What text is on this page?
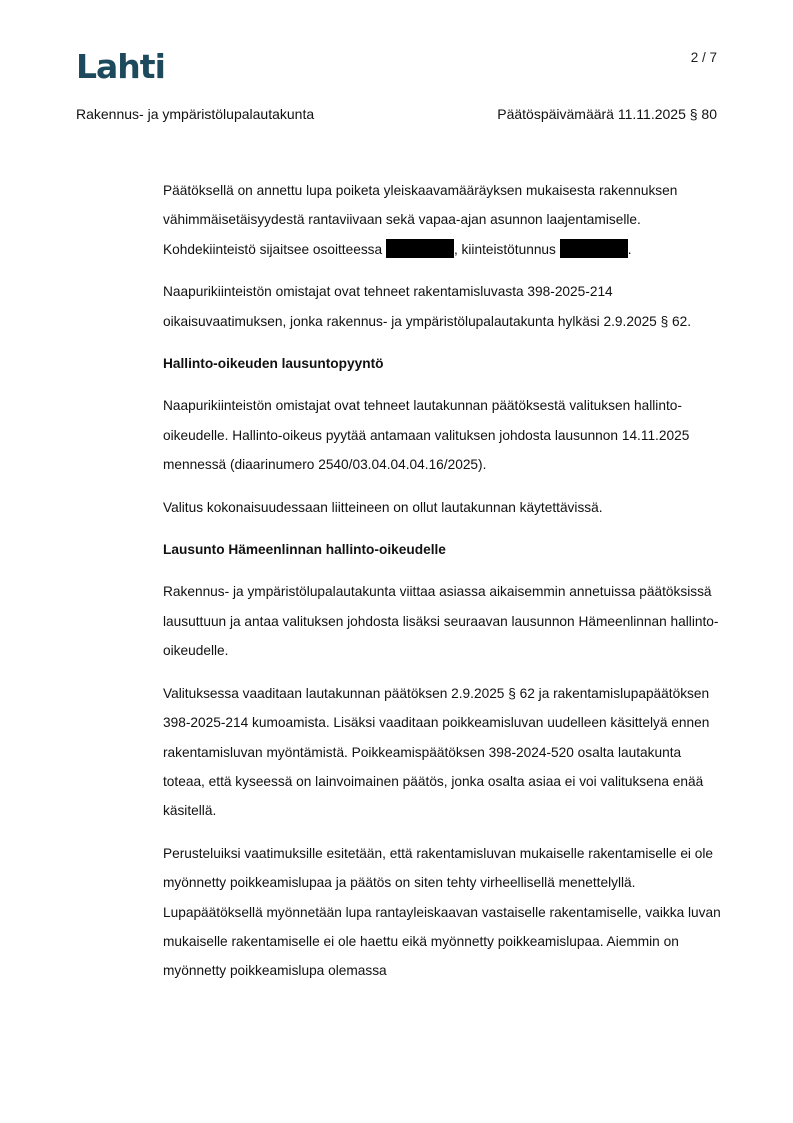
Lahti	2 / 7
Rakennus- ja ympäristölupalautakunta	Päätöspäivämäärä 11.11.2025 § 80

Päätöksellä on annettu lupa poiketa yleiskaavamääräyksen mukaisesta rakennuksen vähimmäisetäisyydestä rantaviivaan sekä vapaa-ajan asunnon laajentamiselle. Kohdekiinteistö sijaitsee osoitteessa	, kiinteistötunnus	.

Naapurikiinteistön omistajat ovat tehneet rakentamisluvasta 398-2025-214 oikaisuvaatimuksen, jonka rakennus- ja ympäristölupalautakunta hylkäsi 2.9.2025 § 62.

Hallinto-oikeuden lausuntopyyntö

Naapurikiinteistön omistajat ovat tehneet lautakunnan päätöksestä valituksen hallinto-oikeudelle. Hallinto-oikeus pyytää antamaan valituksen johdosta lausunnon 14.11.2025 mennessä (diaarinumero 2540/03.04.04.04.16/2025).

Valitus kokonaisuudessaan liitteineen on ollut lautakunnan käytettävissä.

Lausunto Hämeenlinnan hallinto-oikeudelle

Rakennus- ja ympäristölupalautakunta viittaa asiassa aikaisemmin annetuissa päätöksissä lausuttuun ja antaa valituksen johdosta lisäksi seuraavan lausunnon Hämeenlinnan hallinto-oikeudelle.

Valituksessa vaaditaan lautakunnan päätöksen 2.9.2025 § 62 ja rakentamislupapäätöksen 398-2025-214 kumoamista. Lisäksi vaaditaan poikkeamisluvan uudelleen käsittelyä ennen rakentamisluvan myöntämistä. Poikkeamispäätöksen 398-2024-520 osalta lautakunta toteaa, että kyseessä on lainvoimainen päätös, jonka osalta asiaa ei voi valituksena enää käsitellä.

Perusteluiksi vaatimuksille esitetään, että rakentamisluvan mukaiselle rakentamiselle ei ole myönnetty poikkeamislupaa ja päätös on siten tehty virheellisellä menettelyllä. Lupapäätöksellä myönnetään lupa rantayleiskaavan vastaiselle rakentamiselle, vaikka luvan mukaiselle rakentamiselle ei ole haettu eikä myönnetty poikkeamislupaa. Aiemmin on myönnetty poikkeamislupa olemassa
